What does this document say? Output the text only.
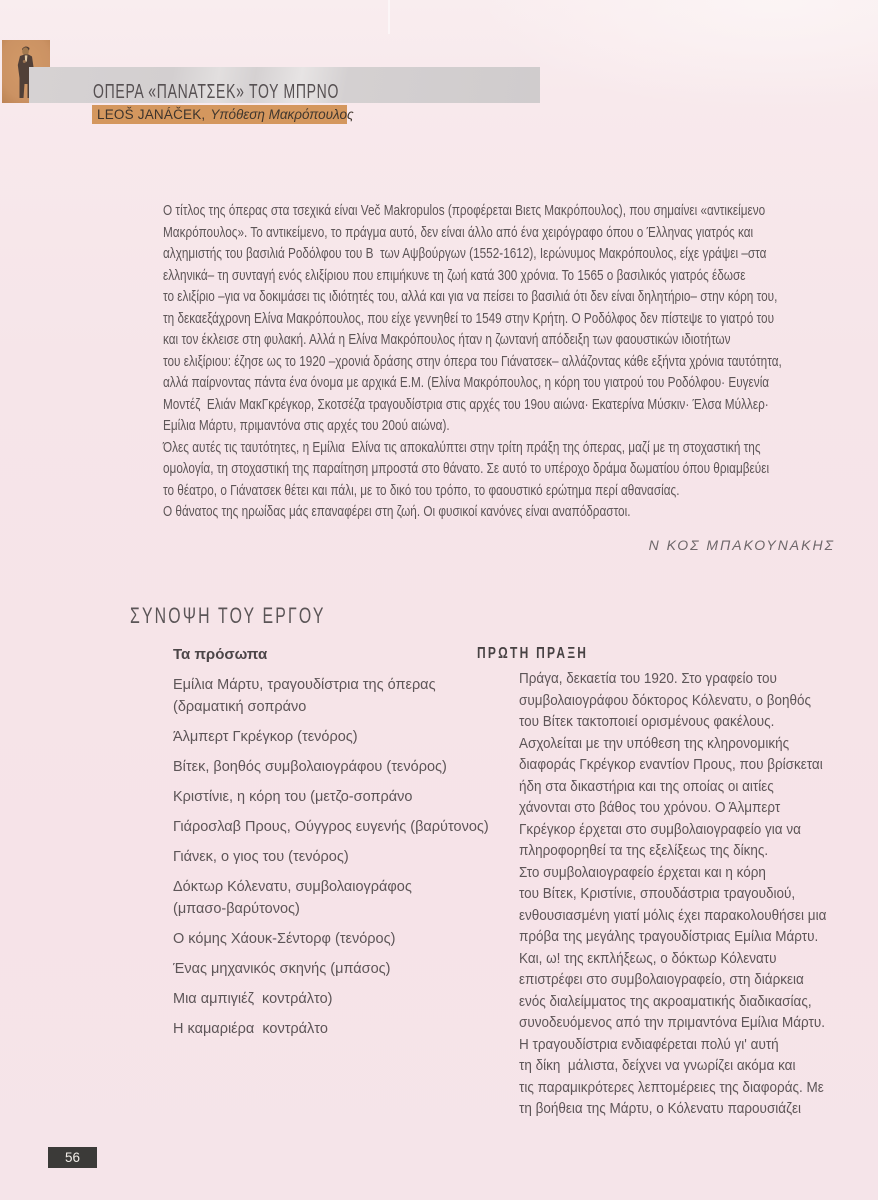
ΟΠΕΡΑ «ΠΑΝΑΤΣΕΚ» ΤΟΥ ΜΠΡΝΟ
LEOŠ JANÁČEK, Υπόθεση Μακρόπουλος
Ο τίτλος της όπερας στα τσεχικά είναι Več Makropulos (προφέρεται Βιετς Μακρόπουλος), που σημαίνει «αντικείμενο
Μακρόπουλος». Το αντικείμενο, το πράγμα αυτό, δεν είναι άλλο από ένα χειρόγραφο όπου ο Έλληνας γιατρός και
αλχημιστής του βασιλιά Ροδόλφου του Β  των Αψβούργων (1552-1612), Ιερώνυμος Μακρόπουλος, είχε γράψει –στα
ελληνικά– τη συνταγή ενός ελιξίριου που επιμήκυνε τη ζωή κατά 300 χρόνια. Το 1565 ο βασιλικός γιατρός έδωσε
το ελιξίριο –για να δοκιμάσει τις ιδιότητές του, αλλά και για να πείσει το βασιλιά ότι δεν είναι δηλητήριο– στην κόρη του,
τη δεκαεξάχρονη Ελίνα Μακρόπουλος, που είχε γεννηθεί το 1549 στην Κρήτη. Ο Ροδόλφος δεν πίστεψε το γιατρό του
και τον έκλεισε στη φυλακή. Αλλά η Ελίνα Μακρόπουλος ήταν η ζωντανή απόδειξη των φαουστικών ιδιοτήτων
του ελιξίριου: έζησε ως το 1920 –χρονιά δράσης στην όπερα του Γιάνατσεκ– αλλάζοντας κάθε εξήντα χρόνια ταυτότητα,
αλλά παίρνοντας πάντα ένα όνομα με αρχικά Ε.Μ. (Ελίνα Μακρόπουλος, η κόρη του γιατρού του Ροδόλφου· Ευγενία
Μοντέζ  Ελιάν ΜακΓκρέγκορ, Σκοτσέζα τραγουδίστρια στις αρχές του 19ου αιώνα· Εκατερίνα Μύσκιν· Έλσα Μύλλερ·
Εμίλια Μάρτυ, πριμαντόνα στις αρχές του 20ού αιώνα).
Όλες αυτές τις ταυτότητες, η Εμίλια  Ελίνα τις αποκαλύπτει στην τρίτη πράξη της όπερας, μαζί με τη στοχαστική της
ομολογία, τη στοχαστική της παραίτηση μπροστά στο θάνατο. Σε αυτό το υπέροχο δράμα δωματίου όπου θριαμβεύει
το θέατρο, ο Γιάνατσεκ θέτει και πάλι, με το δικό του τρόπο, το φαουστικό ερώτημα περί αθανασίας.
Ο θάνατος της ηρωίδας μάς επαναφέρει στη ζωή. Οι φυσικοί κανόνες είναι αναπόδραστοι.
Ν ΚΟΣ ΜΠΑΚΟΥΝΑΚΗΣ
ΣΥΝΟΨΗ ΤΟΥ ΕΡΓΟΥ
Τα πρόσωπα
Εμίλια Μάρτυ, τραγουδίστρια της όπερας
(δραματική σοπράνο
Άλμπερτ Γκρέγκορ (τενόρος)
Βίτεκ, βοηθός συμβολαιογράφου (τενόρος)
Κριστίνιε, η κόρη του (μετζο-σοπράνο
Γιάροσλαβ Πρους, Ούγγρος ευγενής (βαρύτονος)
Γιάνεκ, ο γιος του (τενόρος)
Δόκτωρ Κόλενατυ, συμβολαιογράφος
(μπασο-βαρύτονος)
Ο κόμης Χάουκ-Σέντορφ (τενόρος)
Ένας μηχανικός σκηνής (μπάσος)
Μια αμπιγιέζ  κοντράλτο)
Η καμαριέρα  κοντράλτο
ΠΡΩΤΗ ΠΡΑΞΗ
Πράγα, δεκαετία του 1920. Στο γραφείο του
συμβολαιογράφου δόκτορος Κόλενατυ, ο βοηθός
του Βίτεκ τακτοποιεί ορισμένους φακέλους.
Ασχολείται με την υπόθεση της κληρονομικής
διαφοράς Γκρέγκορ εναντίον Πρους, που βρίσκεται
ήδη στα δικαστήρια και της οποίας οι αιτίες
χάνονται στο βάθος του χρόνου. Ο Άλμπερτ
Γκρέγκορ έρχεται στο συμβολαιογραφείο για να
πληροφορηθεί τα της εξελίξεως της δίκης.
Στο συμβολαιογραφείο έρχεται και η κόρη
του Βίτεκ, Κριστίνιε, σπουδάστρια τραγουδιού,
ενθουσιασμένη γιατί μόλις έχει παρακολουθήσει μια
πρόβα της μεγάλης τραγουδίστριας Εμίλια Μάρτυ.
Και, ω! της εκπλήξεως, ο δόκτωρ Κόλενατυ
επιστρέφει στο συμβολαιογραφείο, στη διάρκεια
ενός διαλείμματος της ακροαματικής διαδικασίας,
συνοδευόμενος από την πριμαντόνα Εμίλια Μάρτυ.
Η τραγουδίστρια ενδιαφέρεται πολύ γι' αυτή
τη δίκη  μάλιστα, δείχνει να γνωρίζει ακόμα και
τις παραμικρότερες λεπτομέρειες της διαφοράς. Με
τη βοήθεια της Μάρτυ, ο Κόλενατυ παρουσιάζει
56
